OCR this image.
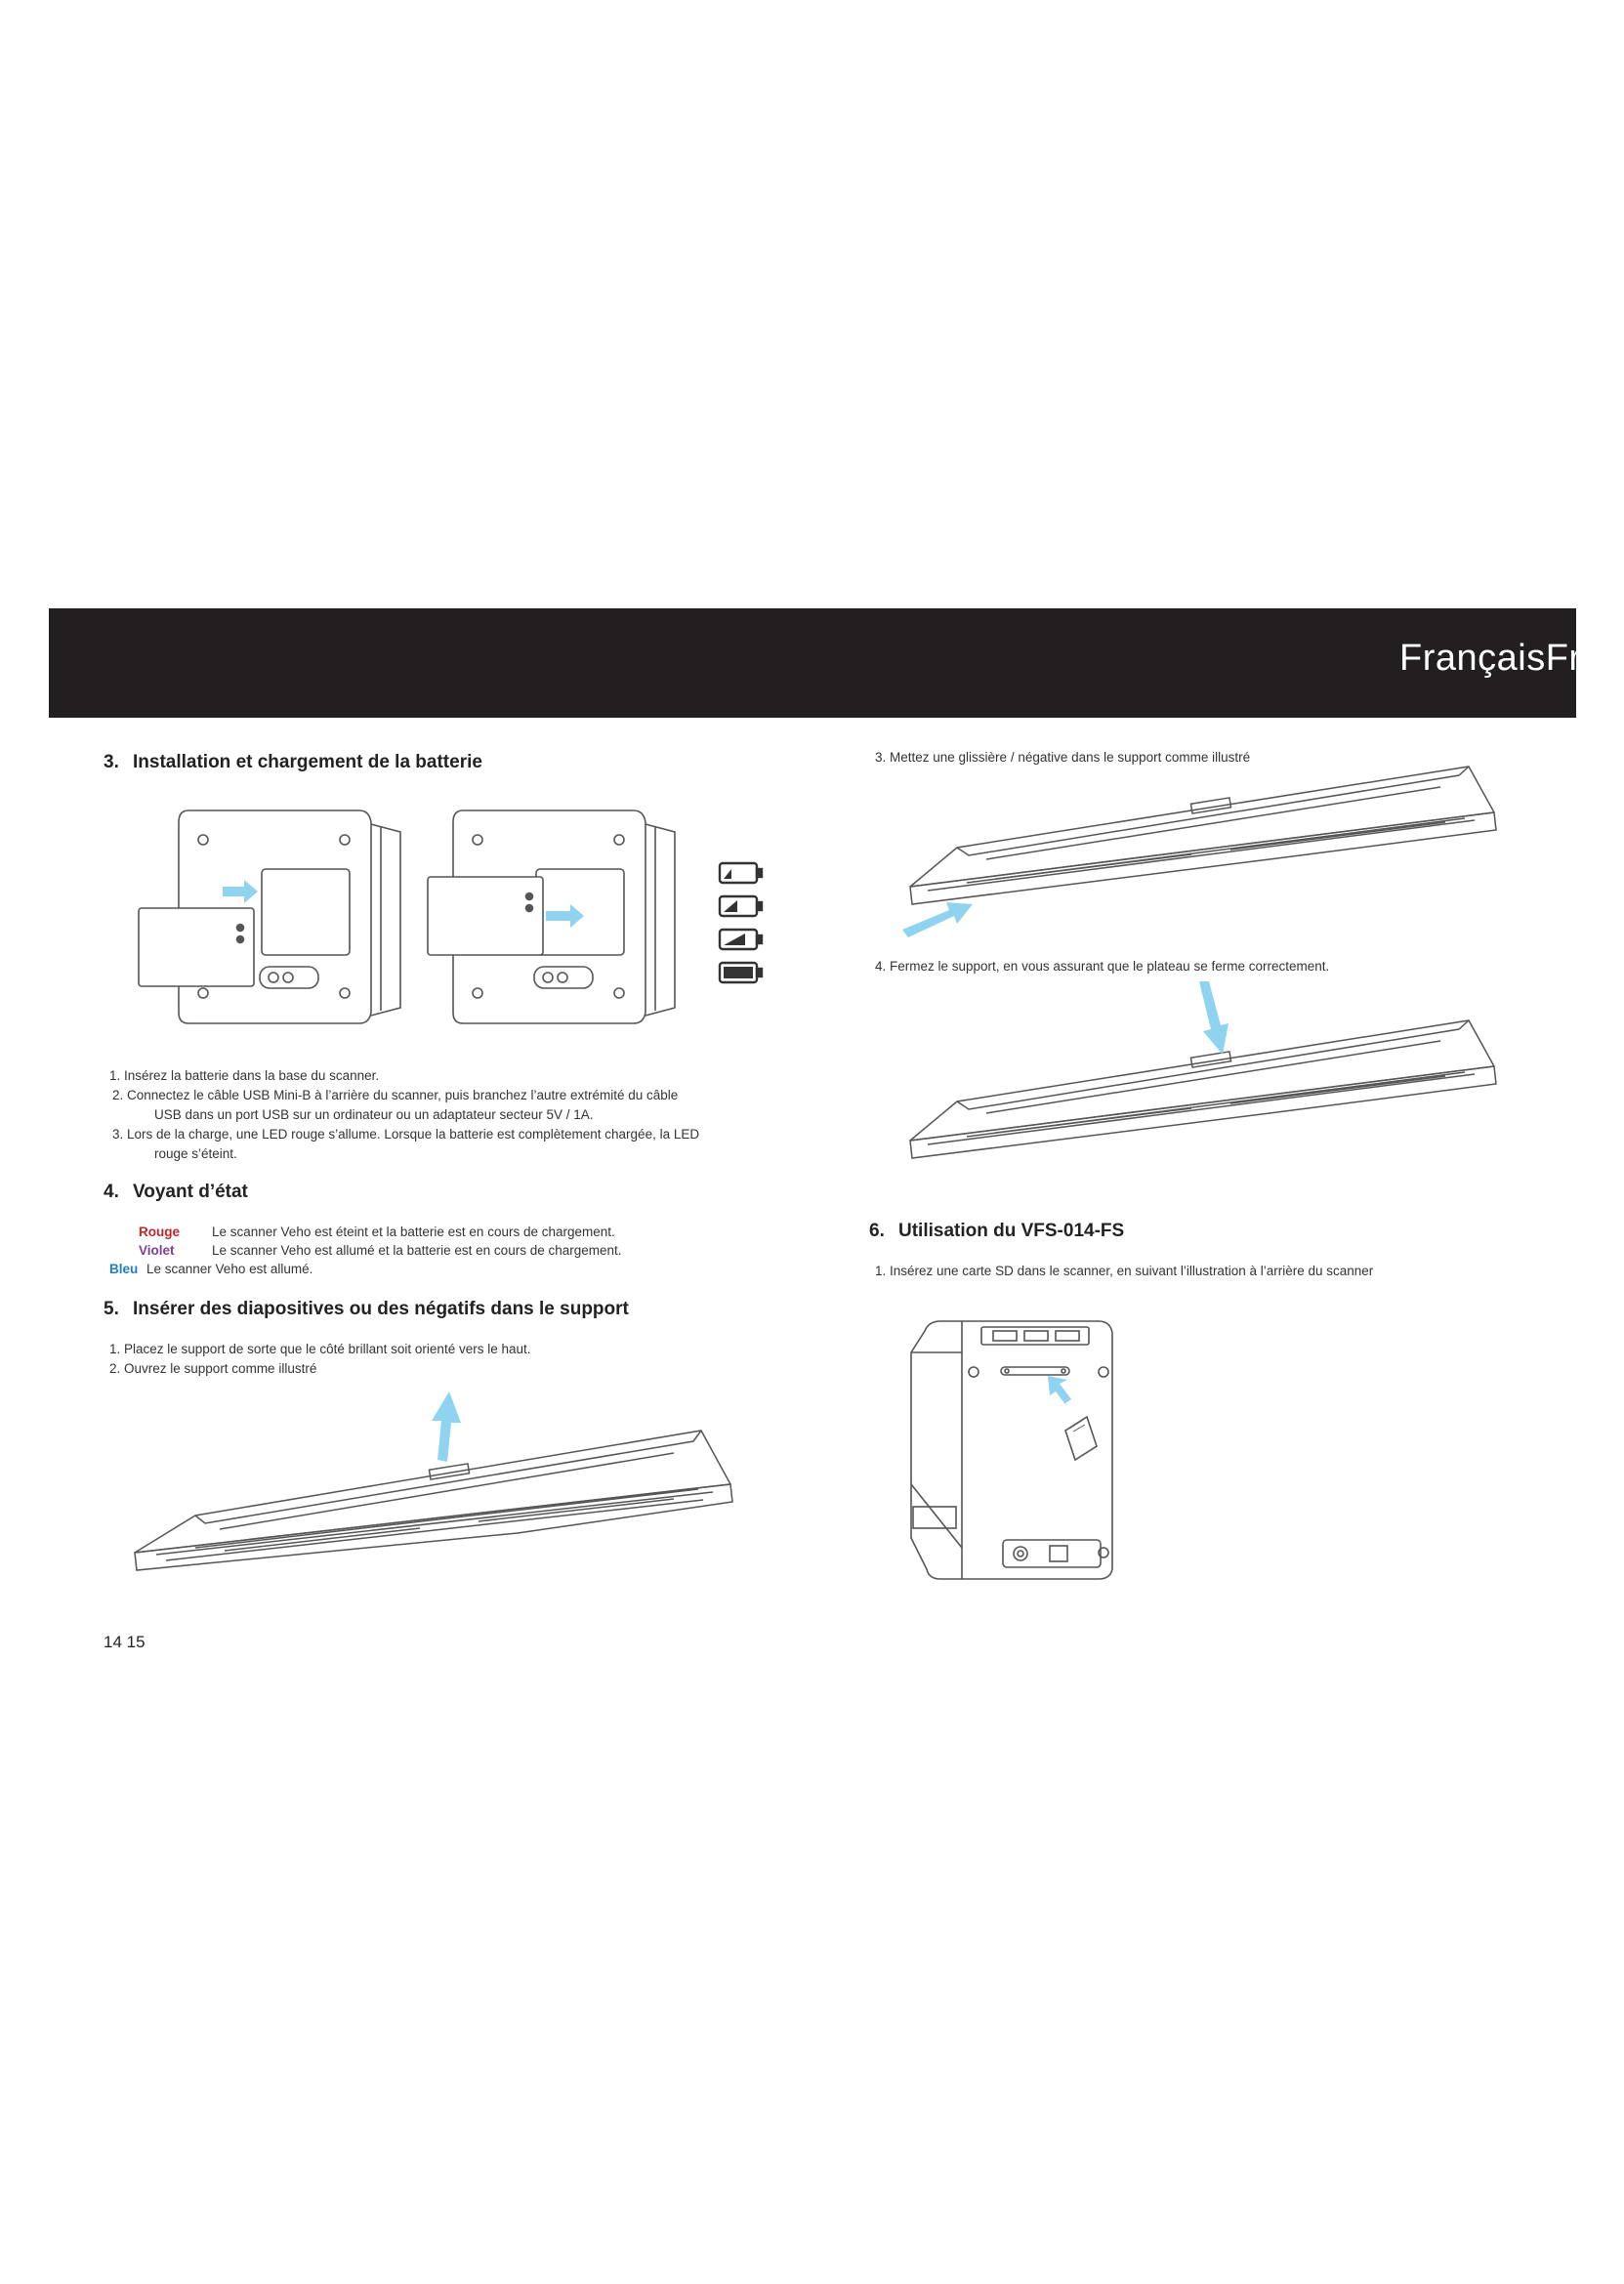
FrançaisFran
3. Installation et chargement de la batterie
1. Insérez la batterie dans la base du scanner.
2. Connectez le câble USB Mini-B à l’arrière du scanner, puis branchez l’autre extrémité du câble
USB dans un port USB sur un ordinateur ou un adaptateur secteur 5V / 1A.
3. Lors de la charge, une LED rouge s’allume. Lorsque la batterie est complètement chargée, la LED
rouge s’éteint.
4. Voyant d’état
Rouge Le scanner Veho est éteint et la batterie est en cours de chargement.
Violet	Le scanner Veho est allumé et la batterie est en cours de chargement.
Bleu Le scanner Veho est allumé.
5. Insérer des diapositives ou des négatifs dans le support
1. Placez le support de sorte que le côté brillant soit orienté vers le haut.
2. Ouvrez le support comme illustré
3. Mettez une glissière / négative dans le support comme illustré
4. Fermez le support, en vous assurant que le plateau se ferme correctement.
6. Utilisation du VFS-014-FS
1. Insérez une carte SD dans le scanner, en suivant l’illustration à l’arrière du scanner
14 15
